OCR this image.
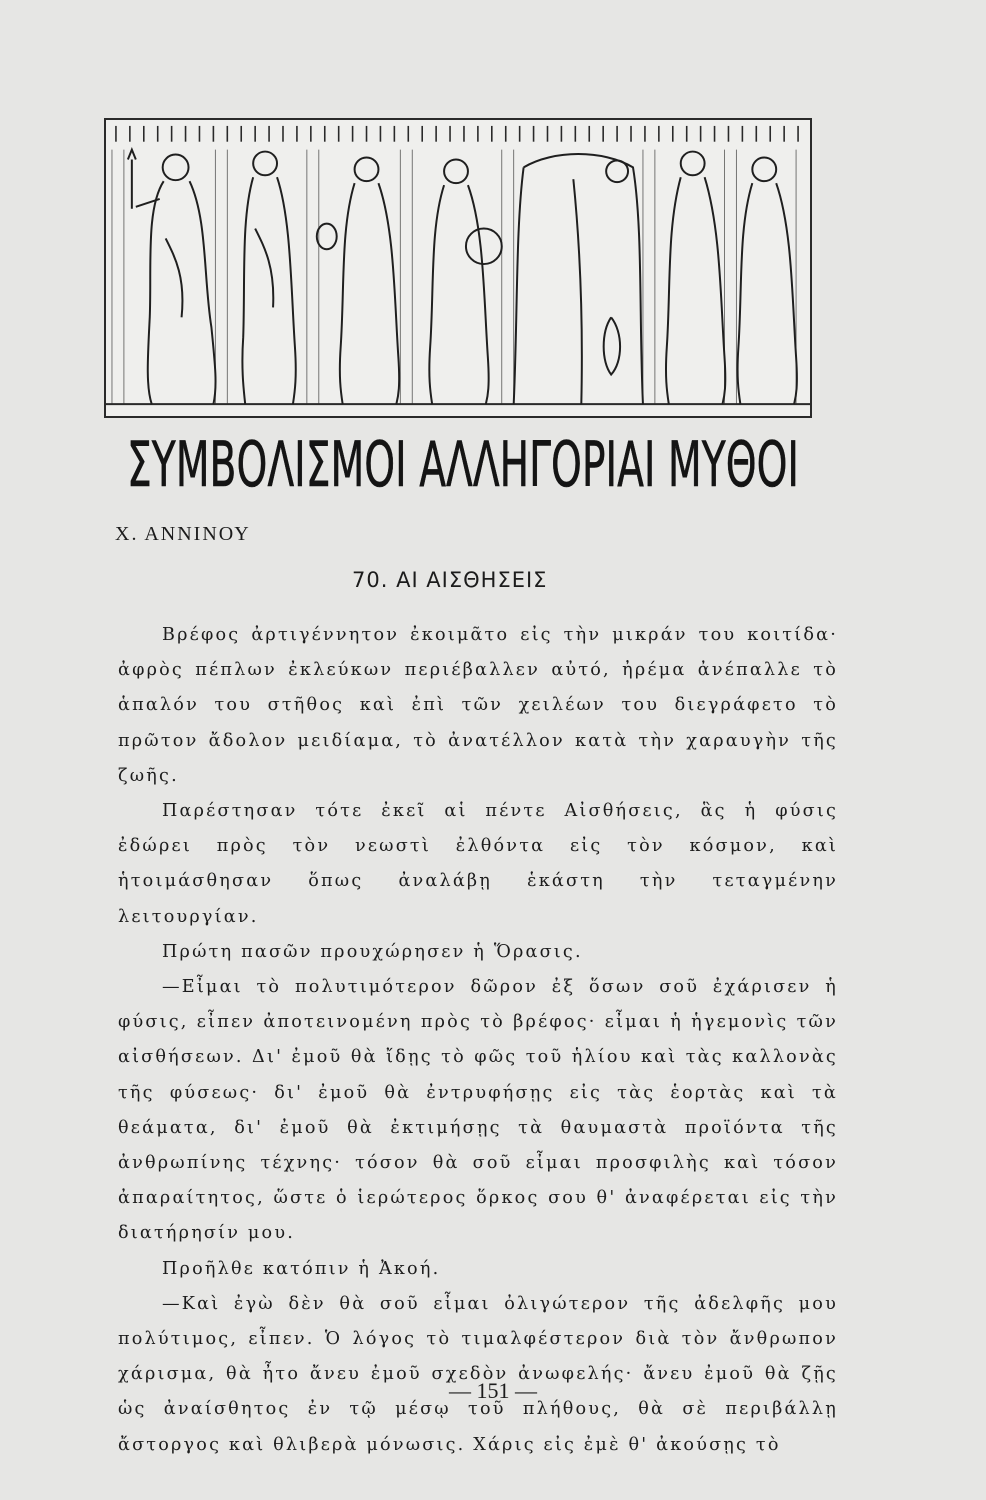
ΣΥΜΒΟΛΙΣΜΟΙ ΑΛΛΗΓΟΡΙΑΙ ΜΥΘΟΙ
Χ. ΑΝΝΙΝΟΥ
70. ΑΙ ΑΙΣΘΗΣΕΙΣ

Βρέφος ἀρτιγέννητον ἐκοιμᾶτο εἰς τὴν μικράν του κοιτίδα· ἀφρὸς πέπλων ἐκλεύκων περιέβαλλεν αὐτό, ἠρέμα ἀνέπαλλε τὸ ἁπαλόν του στῆθος καὶ ἐπὶ τῶν χειλέων του διεγράφετο τὸ πρῶτον ἄδολον μειδίαμα, τὸ ἀνατέλλον κατὰ τὴν χαραυγὴν τῆς ζωῆς.

Παρέστησαν τότε ἐκεῖ αἱ πέντε Αἰσθήσεις, ἃς ἡ φύσις ἐδώρει πρὸς τὸν νεωστὶ ἐλθόντα εἰς τὸν κόσμον, καὶ ἡτοιμάσθησαν ὅπως ἀναλάβῃ ἑκάστη τὴν τεταγμένην λειτουργίαν.

Πρώτη πασῶν προυχώρησεν ἡ Ὅρασις.

—Εἶμαι τὸ πολυτιμότερον δῶρον ἐξ ὅσων σοῦ ἐχάρισεν ἡ φύσις, εἶπεν ἀποτεινομένη πρὸς τὸ βρέφος· εἶμαι ἡ ἡγεμονὶς τῶν αἰσθήσεων. Δι' ἐμοῦ θὰ ἴδῃς τὸ φῶς τοῦ ἡλίου καὶ τὰς καλλονὰς τῆς φύσεως· δι' ἐμοῦ θὰ ἐντρυφήσῃς εἰς τὰς ἑορτὰς καὶ τὰ θεάματα, δι' ἐμοῦ θὰ ἐκτιμήσῃς τὰ θαυμαστὰ προϊόντα τῆς ἀνθρωπίνης τέχνης· τόσον θὰ σοῦ εἶμαι προσφιλὴς καὶ τόσον ἀπαραίτητος, ὥστε ὁ ἱερώτερος ὅρκος σου θ' ἀναφέρεται εἰς τὴν διατήρησίν μου.

Προῆλθε κατόπιν ἡ Ἀκοή.

—Καὶ ἐγὼ δὲν θὰ σοῦ εἶμαι ὀλιγώτερον τῆς ἀδελφῆς μου πολύτιμος, εἶπεν. Ὁ λόγος τὸ τιμαλφέστερον διὰ τὸν ἄνθρωπον χάρισμα, θὰ ἦτο ἄνευ ἐμοῦ σχεδὸν ἀνωφελής· ἄνευ ἐμοῦ θὰ ζῇς ὡς ἀναίσθητος ἐν τῷ μέσῳ τοῦ πλήθους, θὰ σὲ περιβάλλῃ ἄστοργος καὶ θλιβερὰ μόνωσις. Χάρις εἰς ἐμὲ θ' ἀκούσῃς τὸ

— 151 —
